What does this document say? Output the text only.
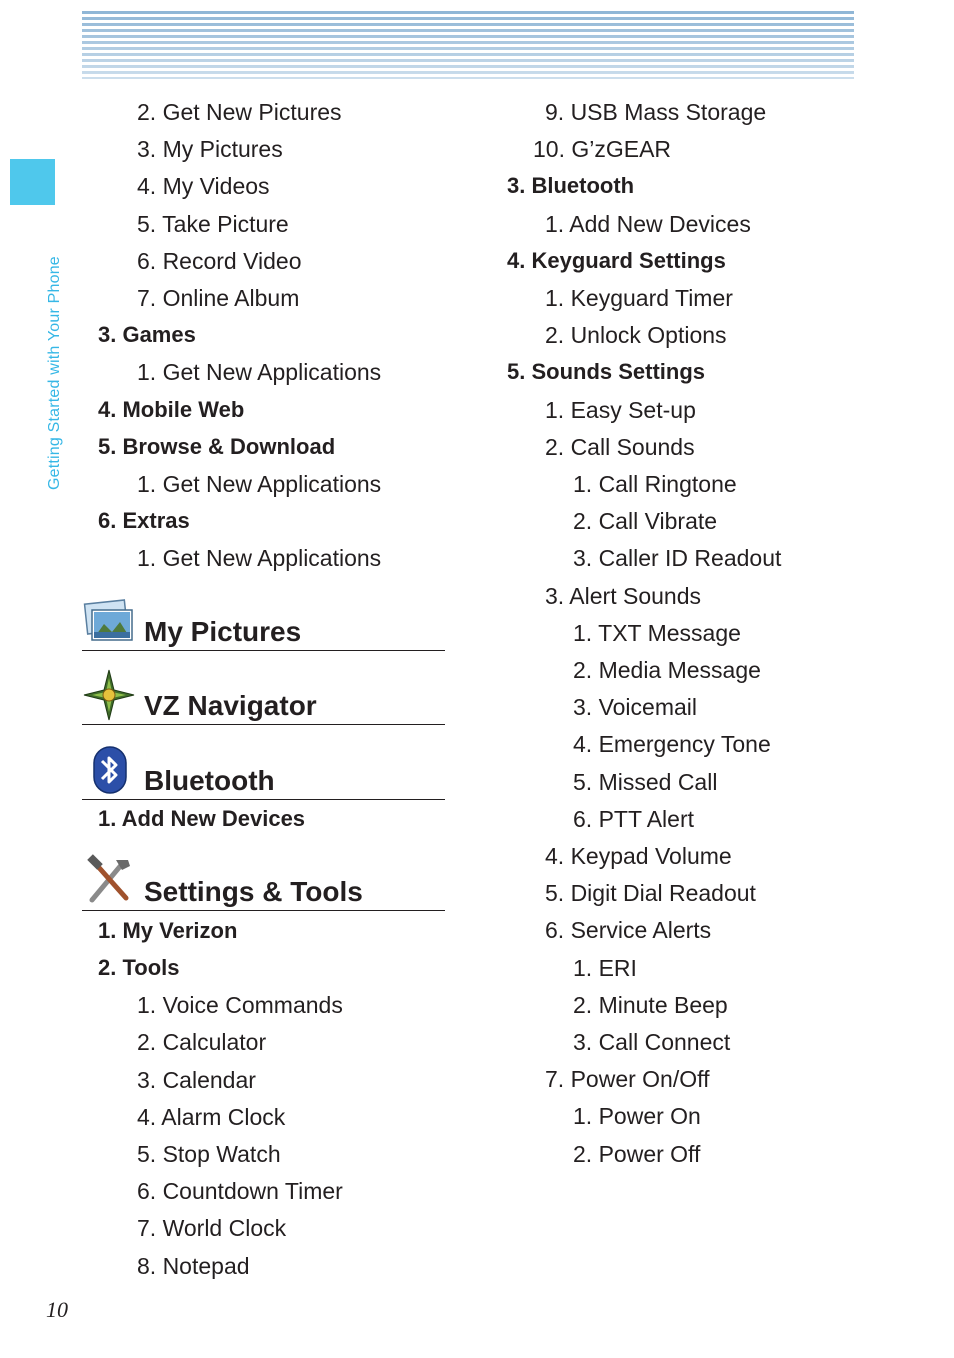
Getting Started with Your Phone
10
2. Get New Pictures
3. My Pictures
4. My Videos
5. Take Picture
6. Record Video
7. Online Album
3. Games
1. Get New Applications
4. Mobile Web
5. Browse & Download
1. Get New Applications
6. Extras
1. Get New Applications
My Pictures
VZ Navigator
Bluetooth
1. Add New Devices
Settings & Tools
1. My Verizon
2. Tools
1. Voice Commands
2. Calculator
3. Calendar
4. Alarm Clock
5. Stop Watch
6. Countdown Timer
7. World Clock
8. Notepad
9. USB Mass Storage
10. G’zGEAR
3. Bluetooth
1. Add New Devices
4. Keyguard Settings
1. Keyguard Timer
2. Unlock Options
5. Sounds Settings
1. Easy Set-up
2. Call Sounds
1. Call Ringtone
2. Call Vibrate
3. Caller ID Readout
3. Alert Sounds
1. TXT Message
2. Media Message
3. Voicemail
4. Emergency Tone
5. Missed Call
6. PTT Alert
4. Keypad Volume
5. Digit Dial Readout
6. Service Alerts
1. ERI
2. Minute Beep
3. Call Connect
7. Power On/Off
1. Power On
2. Power Off
